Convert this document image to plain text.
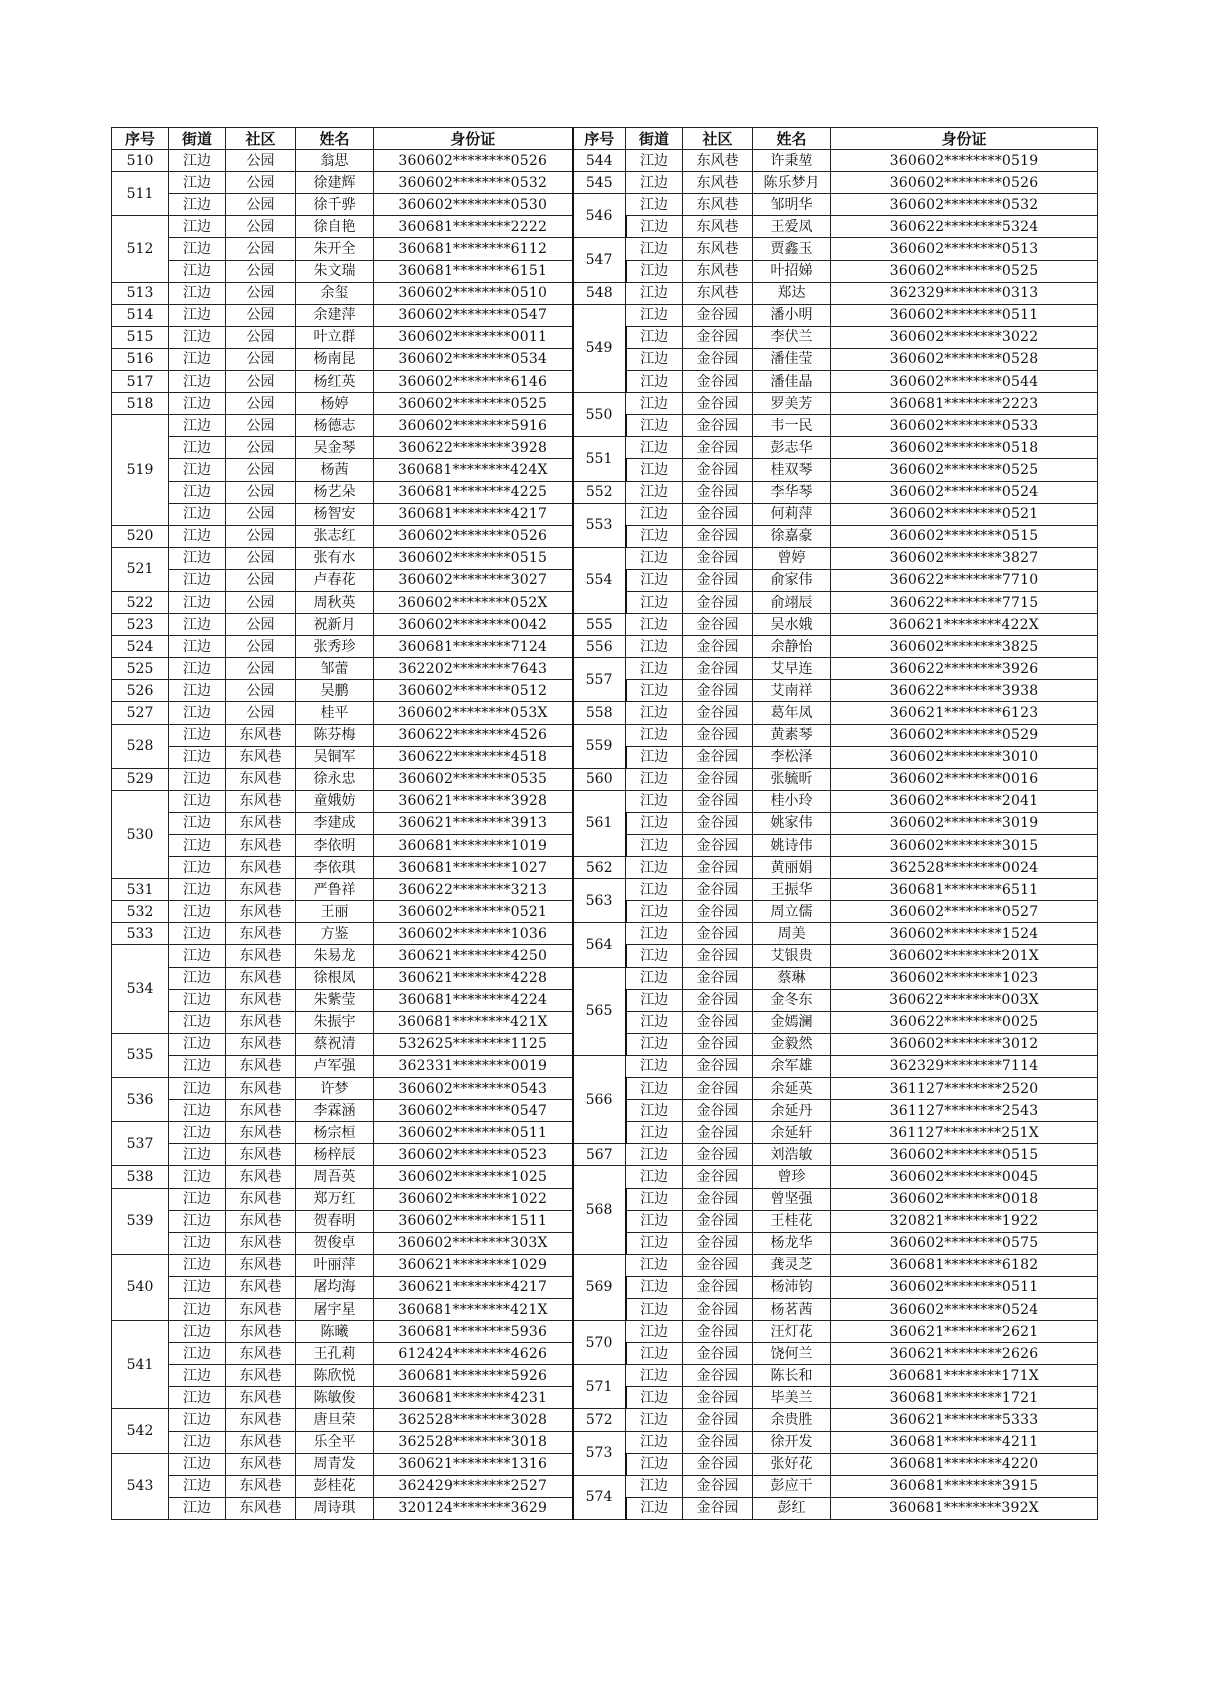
序号	街道	社区	姓名	身份证	序号	街道	社区	姓名	身份证
510	江边	公园	翁思	360602********0526	544	江边	东风巷	许秉堃	360602********0519
511	江边	公园	徐建辉	360602********0532	545	江边	东风巷	陈乐梦月	360602********0526
	江边	公园	徐千骅	360602********0530	546	江边	东风巷	邹明华	360602********0532
512	江边	公园	徐自艳	360681********2222		江边	东风巷	王爱凤	360622********5324
	江边	公园	朱开全	360681********6112	547	江边	东风巷	贾鑫玉	360602********0513
	江边	公园	朱文瑞	360681********6151		江边	东风巷	叶招娣	360602********0525
513	江边	公园	余玺	360602********0510	548	江边	东风巷	郑达	362329********0313
514	江边	公园	余建萍	360602********0547	549	江边	金谷园	潘小明	360602********0511
515	江边	公园	叶立群	360602********0011		江边	金谷园	李伏兰	360602********3022
516	江边	公园	杨南昆	360602********0534		江边	金谷园	潘佳莹	360602********0528
517	江边	公园	杨红英	360602********6146		江边	金谷园	潘佳晶	360602********0544
518	江边	公园	杨婷	360602********0525	550	江边	金谷园	罗美芳	360681********2223
519	江边	公园	杨德志	360602********5916		江边	金谷园	韦一民	360602********0533
	江边	公园	吴金琴	360622********3928	551	江边	金谷园	彭志华	360602********0518
	江边	公园	杨茜	360681********424X		江边	金谷园	桂双琴	360602********0525
	江边	公园	杨艺朵	360681********4225	552	江边	金谷园	李华琴	360602********0524
	江边	公园	杨智安	360681********4217	553	江边	金谷园	何莉萍	360602********0521
520	江边	公园	张志红	360602********0526		江边	金谷园	徐嘉豪	360602********0515
521	江边	公园	张有水	360602********0515	554	江边	金谷园	曾婷	360602********3827
	江边	公园	卢春花	360602********3027		江边	金谷园	俞家伟	360622********7710
522	江边	公园	周秋英	360602********052X		江边	金谷园	俞翊辰	360622********7715
523	江边	公园	祝新月	360602********0042	555	江边	金谷园	吴水娥	360621********422X
524	江边	公园	张秀珍	360681********7124	556	江边	金谷园	余静怡	360602********3825
525	江边	公园	邹蕾	362202********7643	557	江边	金谷园	艾早连	360622********3926
526	江边	公园	吴鹏	360602********0512		江边	金谷园	艾南祥	360622********3938
527	江边	公园	桂平	360602********053X	558	江边	金谷园	葛年凤	360621********6123
528	江边	东风巷	陈芬梅	360622********4526	559	江边	金谷园	黄素琴	360602********0529
	江边	东风巷	吴铜军	360622********4518		江边	金谷园	李松泽	360602********3010
529	江边	东风巷	徐永忠	360602********0535	560	江边	金谷园	张毓昕	360602********0016
530	江边	东风巷	童娥妨	360621********3928	561	江边	金谷园	桂小玲	360602********2041
	江边	东风巷	李建成	360621********3913		江边	金谷园	姚家伟	360602********3019
	江边	东风巷	李依明	360681********1019		江边	金谷园	姚诗伟	360602********3015
	江边	东风巷	李依琪	360681********1027	562	江边	金谷园	黄丽娟	362528********0024
531	江边	东风巷	严鲁祥	360622********3213	563	江边	金谷园	王振华	360681********6511
532	江边	东风巷	王丽	360602********0521		江边	金谷园	周立儒	360602********0527
533	江边	东风巷	方鉴	360602********1036	564	江边	金谷园	周美	360602********1524
534	江边	东风巷	朱易龙	360621********4250		江边	金谷园	艾银贵	360602********201X
	江边	东风巷	徐根凤	360621********4228	565	江边	金谷园	蔡琳	360602********1023
	江边	东风巷	朱紫莹	360681********4224		江边	金谷园	金冬东	360622********003X
	江边	东风巷	朱振宇	360681********421X		江边	金谷园	金嫣澜	360622********0025
535	江边	东风巷	蔡祝清	532625********1125		江边	金谷园	金毅然	360602********3012
	江边	东风巷	卢军强	362331********0019	566	江边	金谷园	余军雄	362329********7114
536	江边	东风巷	许梦	360602********0543		江边	金谷园	余延英	361127********2520
	江边	东风巷	李霖涵	360602********0547		江边	金谷园	余延丹	361127********2543
537	江边	东风巷	杨宗桓	360602********0511		江边	金谷园	余延轩	361127********251X
	江边	东风巷	杨梓辰	360602********0523	567	江边	金谷园	刘浩敏	360602********0515
538	江边	东风巷	周吾英	360602********1025	568	江边	金谷园	曾珍	360602********0045
539	江边	东风巷	郑万红	360602********1022		江边	金谷园	曾坚强	360602********0018
	江边	东风巷	贺春明	360602********1511		江边	金谷园	王桂花	320821********1922
	江边	东风巷	贺俊卓	360602********303X		江边	金谷园	杨龙华	360602********0575
540	江边	东风巷	叶丽萍	360621********1029	569	江边	金谷园	龚灵芝	360681********6182
	江边	东风巷	屠均海	360621********4217		江边	金谷园	杨沛钧	360602********0511
	江边	东风巷	屠宇星	360681********421X		江边	金谷园	杨茗茜	360602********0524
541	江边	东风巷	陈曦	360681********5936	570	江边	金谷园	汪灯花	360621********2621
	江边	东风巷	王孔莉	612424********4626		江边	金谷园	饶何兰	360621********2626
	江边	东风巷	陈欣悦	360681********5926	571	江边	金谷园	陈长和	360681********171X
	江边	东风巷	陈敏俊	360681********4231		江边	金谷园	毕美兰	360681********1721
542	江边	东风巷	唐旦荣	362528********3028	572	江边	金谷园	余贵胜	360621********5333
	江边	东风巷	乐全平	362528********3018	573	江边	金谷园	徐开发	360681********4211
543	江边	东风巷	周青发	360621********1316		江边	金谷园	张好花	360681********4220
	江边	东风巷	彭桂花	362429********2527	574	江边	金谷园	彭应干	360681********3915
	江边	东风巷	周诗琪	320124********3629		江边	金谷园	彭红	360681********392X
